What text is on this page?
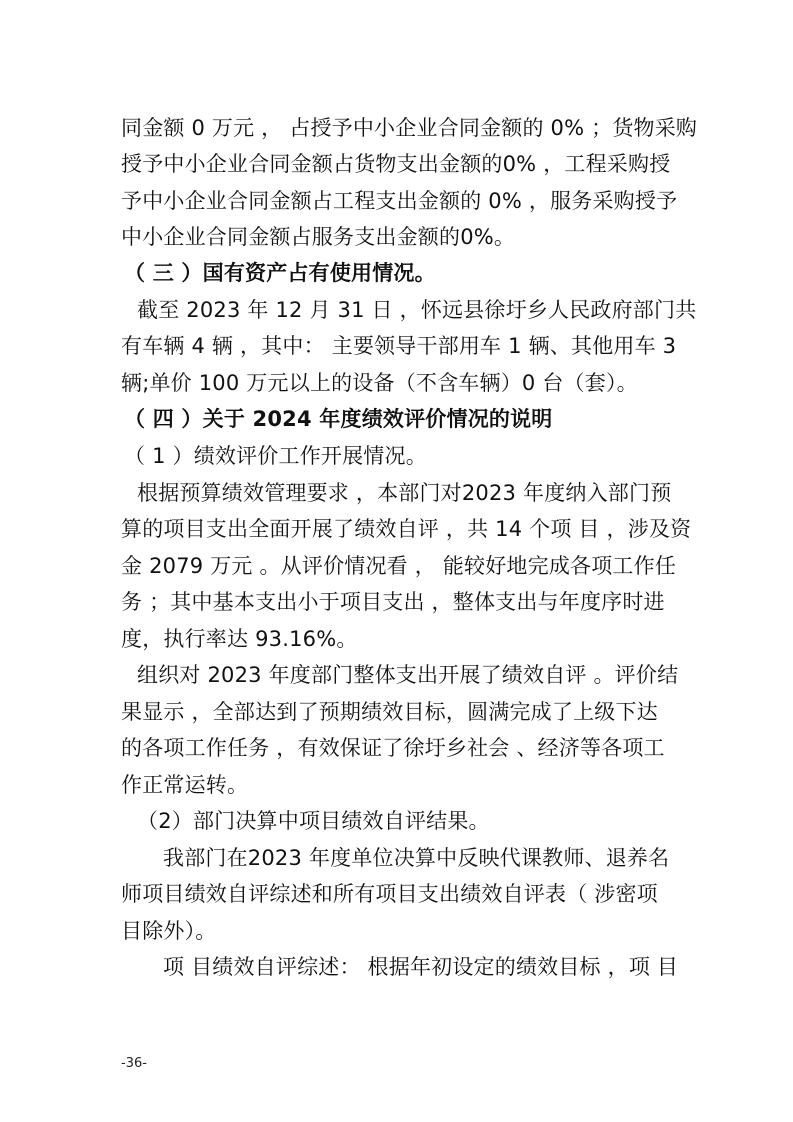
同金额 0 万元 ， 占授予中小企业合同金额的 0% ；货物采购
授予中小企业合同金额占货物支出金额的0% ，工程采购授
予中小企业合同金额占工程支出金额的 0% ，服务采购授予
中小企业合同金额占服务支出金额的0%。
（ 三 ）国有资产占有使用情况。
截至 2023 年 12 月 31 日 ，怀远县徐圩乡人民政府部门共
有车辆 4 辆 ，其中： 主要领导干部用车 1 辆、其他用车 3
辆;单价 100 万元以上的设备（不含车辆）0 台（套）。
（ 四 ）关于 2024 年度绩效评价情况的说明
（ 1 ）绩效评价工作开展情况。
根据预算绩效管理要求 ，本部门对2023 年度纳入部门预
算的项目支出全面开展了绩效自评 ，共 14 个项 目 ，涉及资
金 2079 万元 。从评价情况看 ， 能较好地完成各项工作任
务 ；其中基本支出小于项目支出 ，整体支出与年度序时进
度，执行率达 93.16%。
组织对 2023 年度部门整体支出开展了绩效自评 。评价结
果显示 ，全部达到了预期绩效目标，圆满完成了上级下达
的各项工作任务 ，有效保证了徐圩乡社会 、经济等各项工
作正常运转。
（2）部门决算中项目绩效自评结果。
我部门在2023 年度单位决算中反映代课教师、退养名
师项目绩效自评综述和所有项目支出绩效自评表（ 涉密项
目除外）。
项 目绩效自评综述： 根据年初设定的绩效目标 ，项 目
-36-
